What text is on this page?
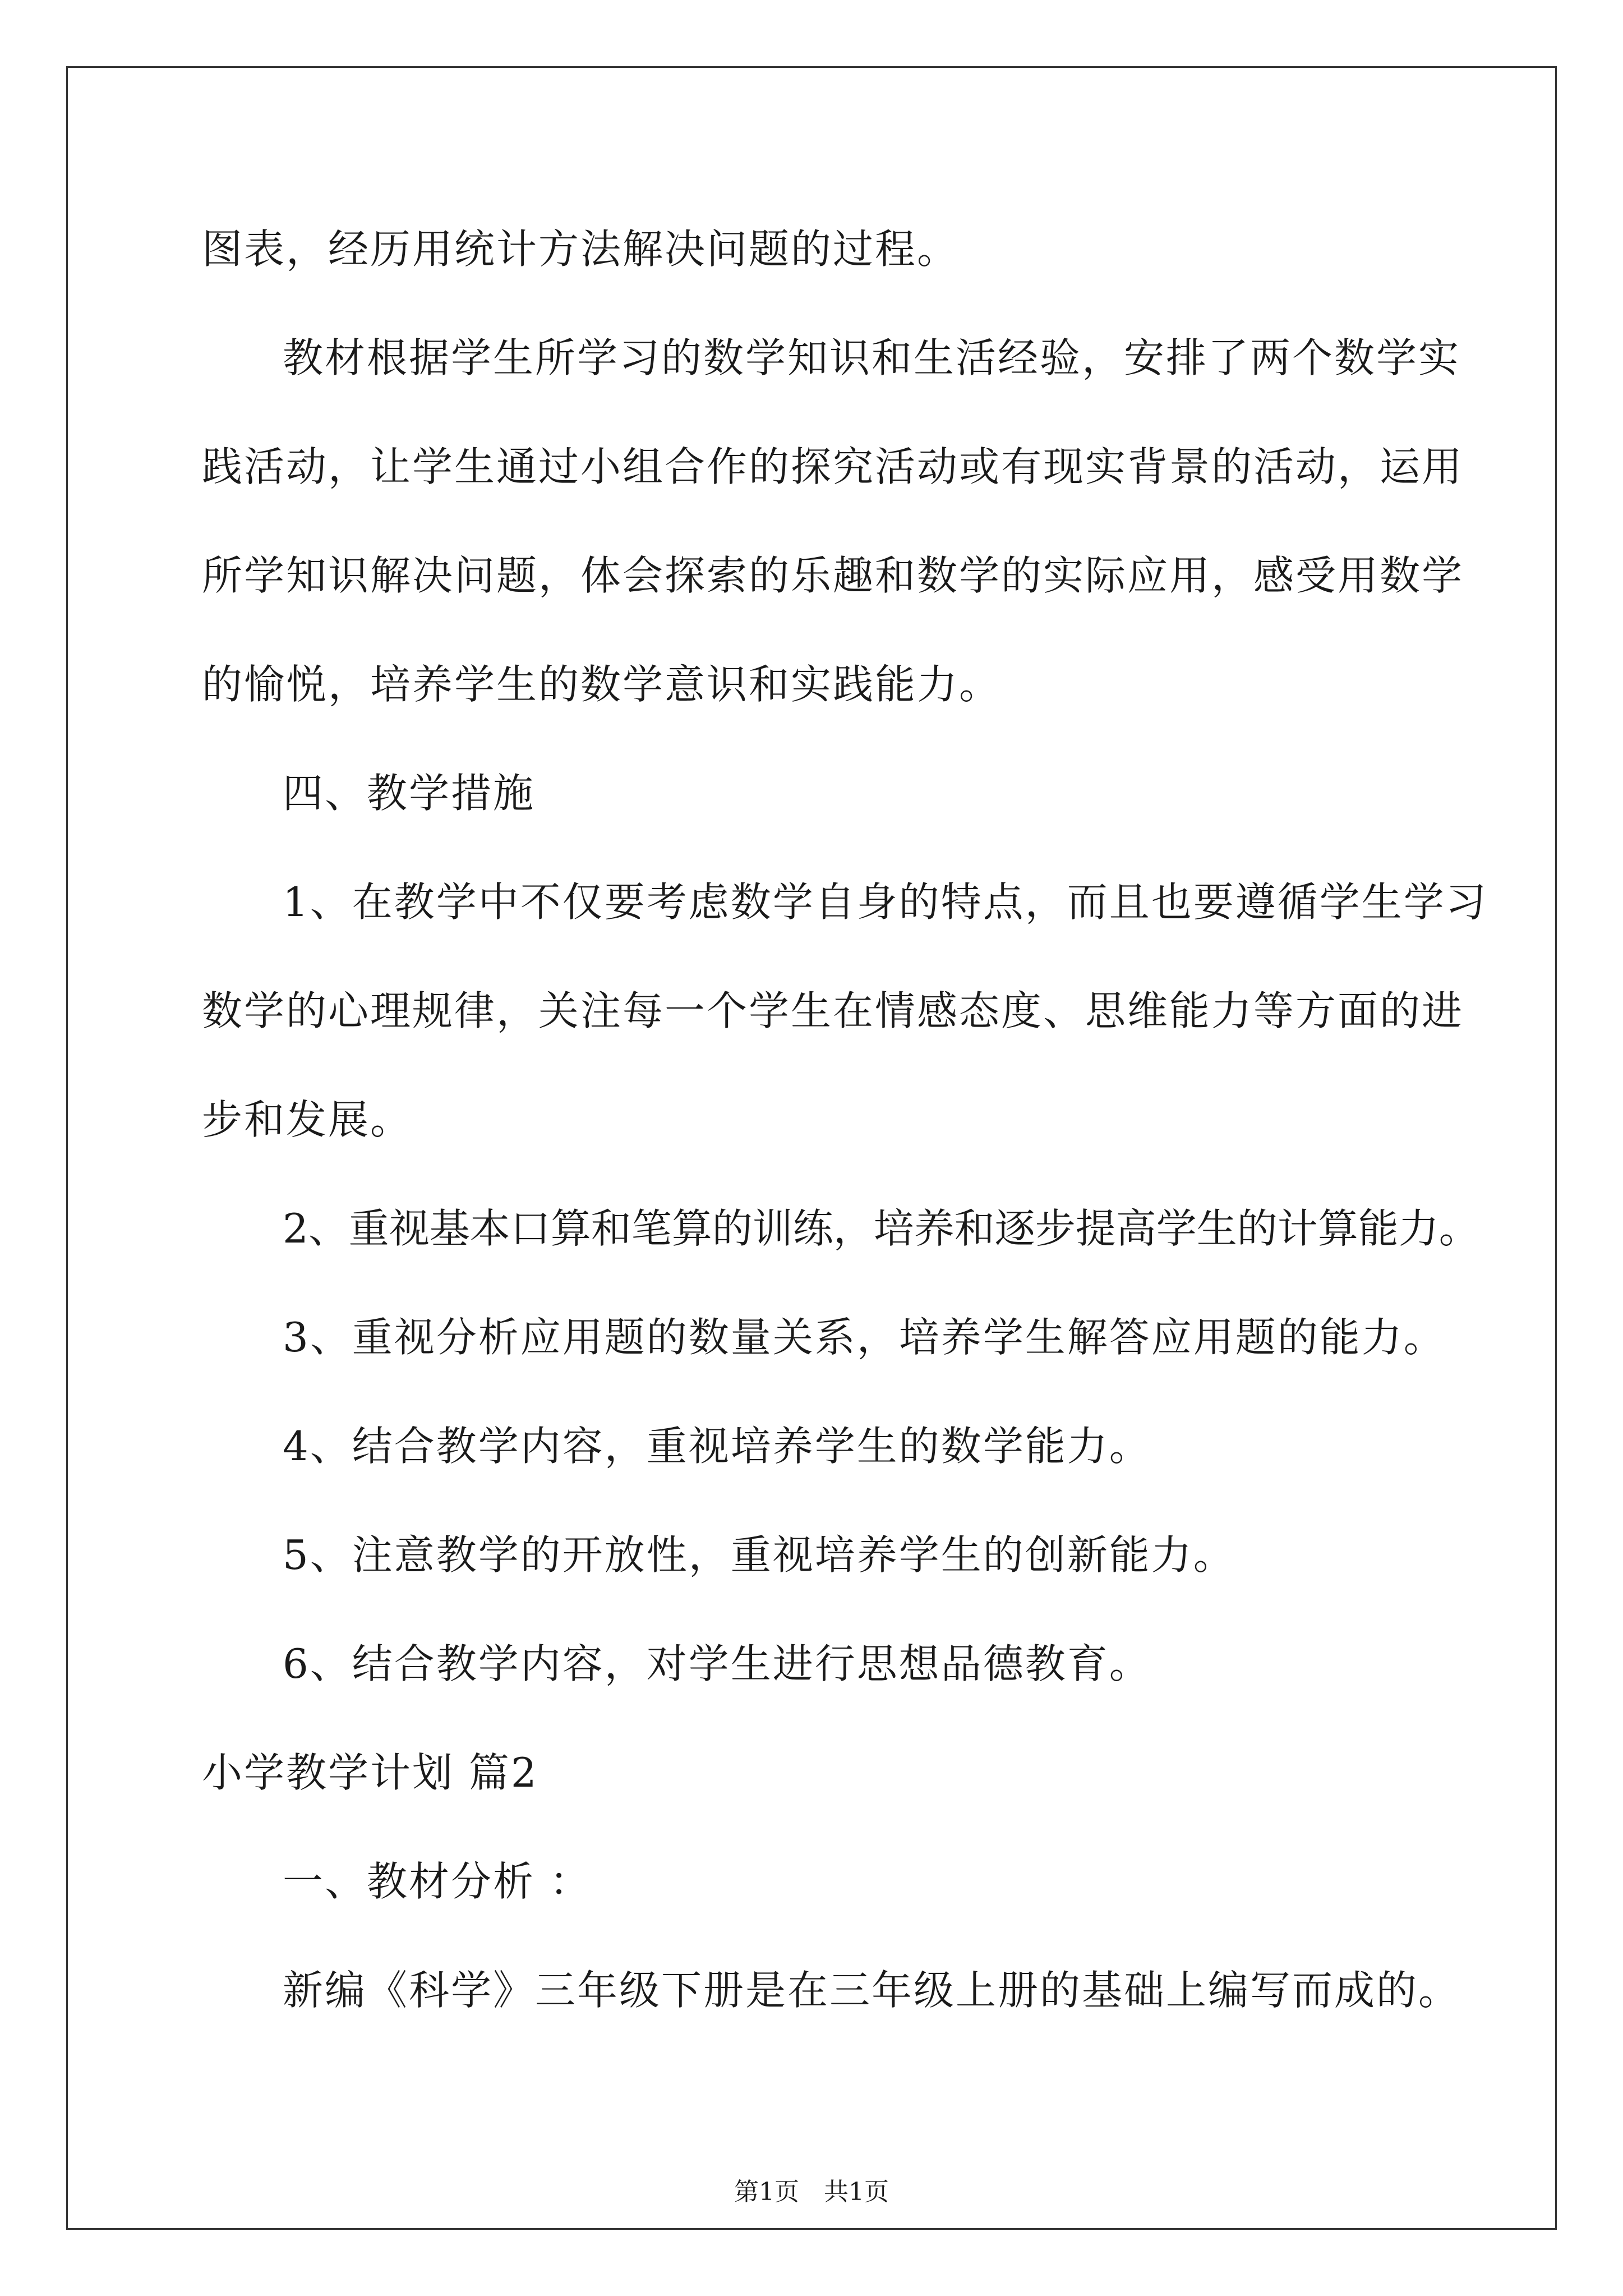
图表，经历用统计方法解决问题的过程。
教材根据学生所学习的数学知识和生活经验，安排了两个数学实
践活动，让学生通过小组合作的探究活动或有现实背景的活动，运用
所学知识解决问题，体会探索的乐趣和数学的实际应用，感受用数学
的愉悦，培养学生的数学意识和实践能力。
四、教学措施
1、在教学中不仅要考虑数学自身的特点，而且也要遵循学生学习
数学的心理规律，关注每一个学生在情感态度、思维能力等方面的进
步和发展。
2、重视基本口算和笔算的训练，培养和逐步提高学生的计算能力。
3、重视分析应用题的数量关系，培养学生解答应用题的能力。
4、结合教学内容，重视培养学生的数学能力。
5、注意教学的开放性，重视培养学生的创新能力。
6、结合教学内容，对学生进行思想品德教育。
小学教学计划 篇2
一、教材分析 ：
新编《科学》三年级下册是在三年级上册的基础上编写而成的。
第1页　共1页
